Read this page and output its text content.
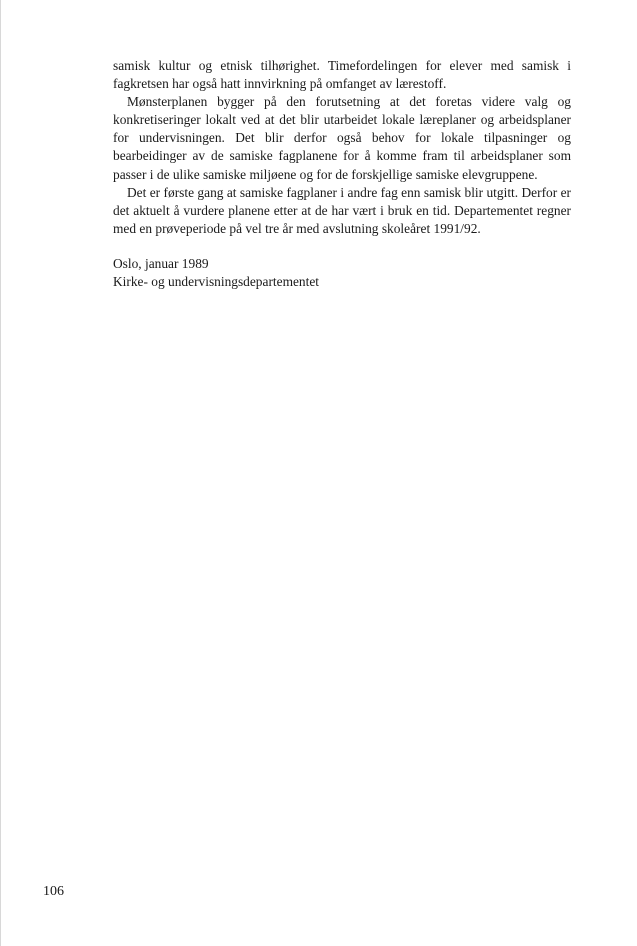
samisk kultur og etnisk tilhørighet. Timefordelingen for elever med samisk i fagkretsen har også hatt innvirkning på omfanget av lærestoff.

Mønsterplanen bygger på den forutsetning at det foretas videre valg og konkretiseringer lokalt ved at det blir utarbeidet lokale læreplaner og arbeidsplaner for undervisningen. Det blir derfor også behov for lokale tilpasninger og bearbeidinger av de samiske fagplanene for å komme fram til arbeidsplaner som passer i de ulike samiske miljøene og for de forskjellige samiske elevgruppene.

Det er første gang at samiske fagplaner i andre fag enn samisk blir utgitt. Derfor er det aktuelt å vurdere planene etter at de har vært i bruk en tid. Departementet regner med en prøveperiode på vel tre år med avslutning skoleåret 1991/92.

Oslo, januar 1989
Kirke- og undervisningsdepartementet
106
